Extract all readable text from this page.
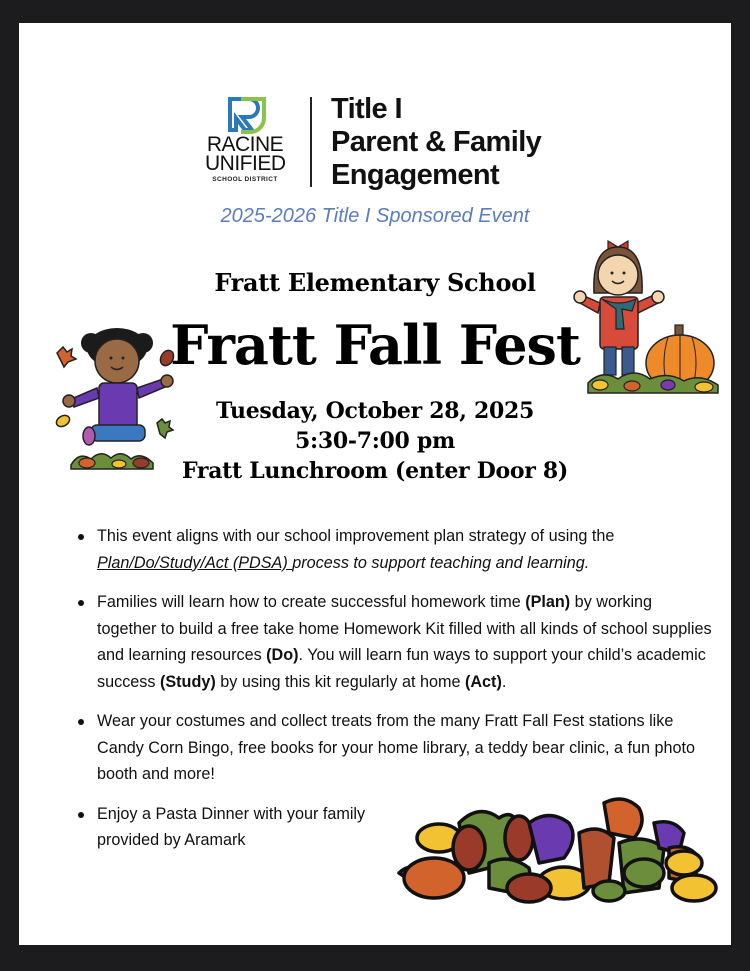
RACINE
UNIFIED
SCHOOL DISTRICT
Title I
Parent & Family
Engagement
2025-2026 Title I Sponsored Event
Fratt Elementary School
Fratt Fall Fest
Tuesday, October 28, 2025
5:30-7:00 pm
Fratt Lunchroom (enter Door 8)
This event aligns with our school improvement plan strategy of using the
Plan/Do/Study/Act (PDSA) process to support teaching and learning.
Families will learn how to create successful homework time (Plan) by working together to build a free take home Homework Kit filled with all kinds of school supplies and learning resources (Do). You will learn fun ways to support your child’s academic success (Study) by using this kit regularly at home (Act).
Wear your costumes and collect treats from the many Fratt Fall Fest stations like Candy Corn Bingo, free books for your home library, a teddy bear clinic, a fun photo booth and more!
Enjoy a Pasta Dinner with your family provided by Aramark
